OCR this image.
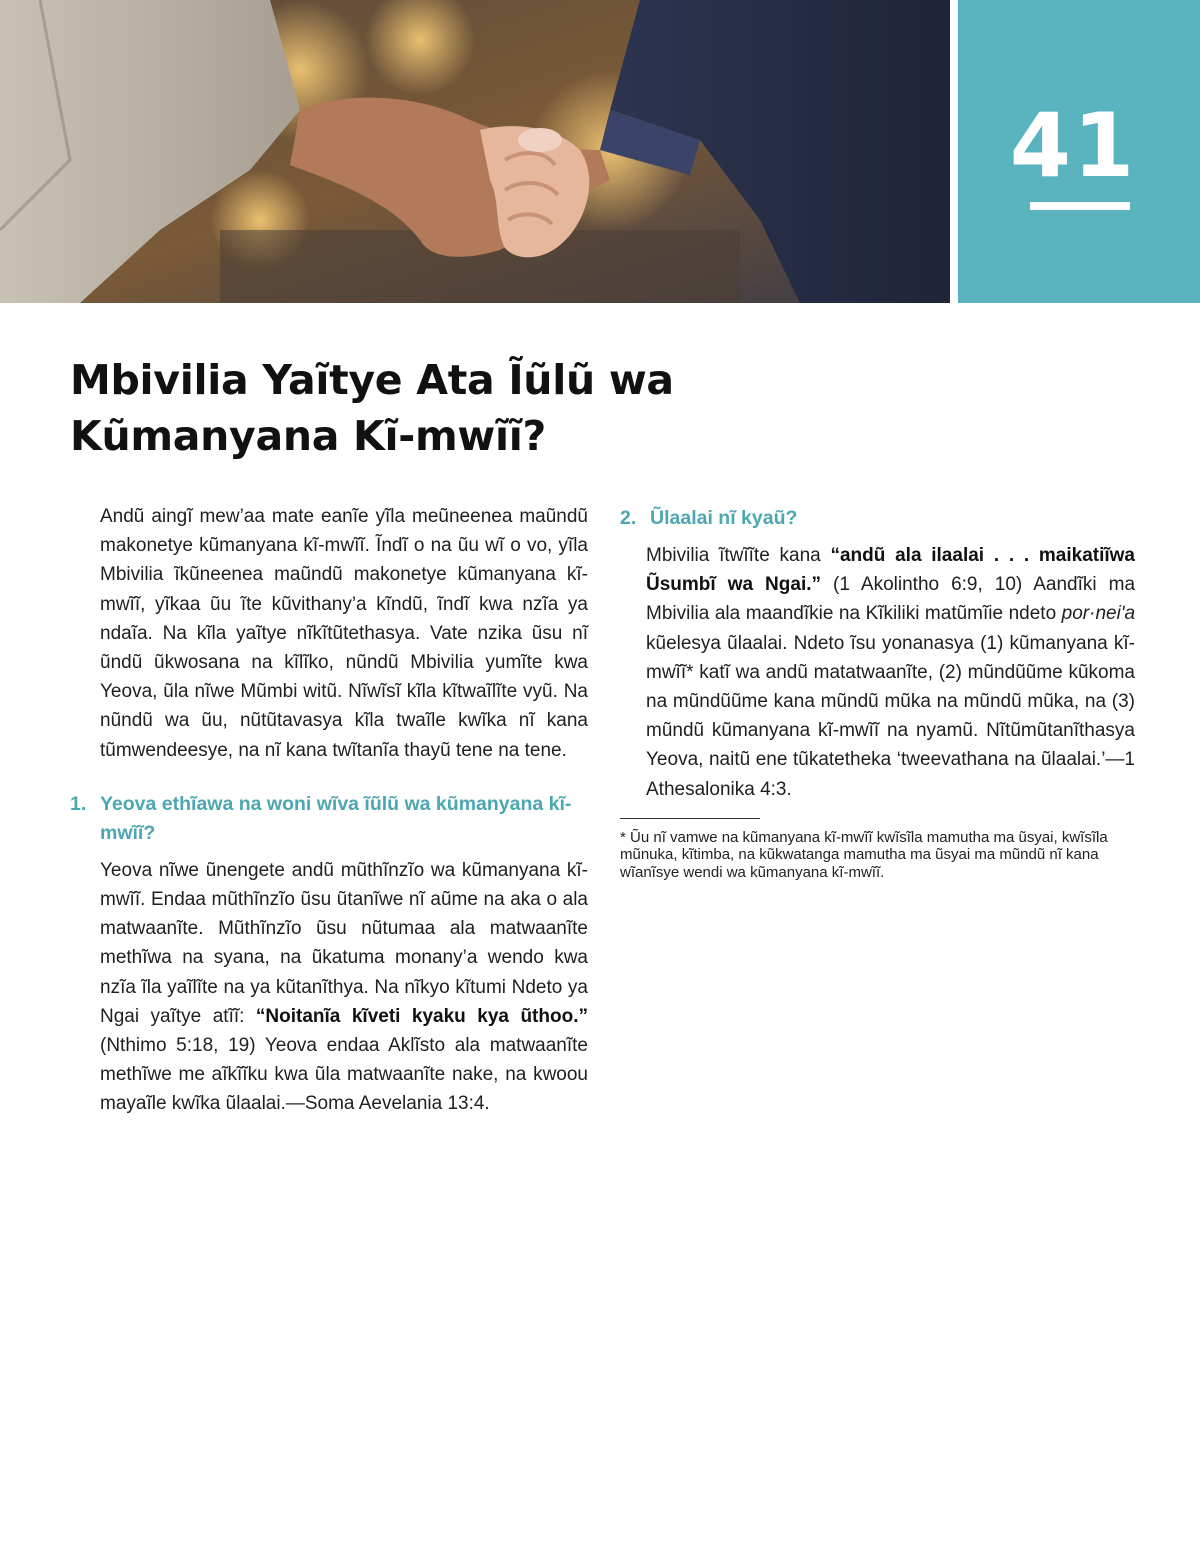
41
Mbivilia Yaĩtye Ata Ĩũlũ wa
Kũmanyana Kĩ-mwĩĩ?

Andũ aingĩ mew’aa mate eanĩe yĩla meũneenea maũndũ makonetye kũmanyana kĩ-mwĩĩ. Ĩndĩ o na ũu wĩ o vo, yĩla Mbivilia ĩkũneenea maũndũ makonetye kũmanyana kĩ-mwĩĩ, yĩkaa ũu ĩte kũvithany’a kĩndũ, ĩndĩ kwa nzĩa ya ndaĩa. Na kĩla yaĩtye nĩkĩtũtethasya. Vate nzika ũsu nĩ ũndũ ũkwosana na kĩlĩko, nũndũ Mbivilia yumĩte kwa Yeova, ũla nĩwe Mũmbi witũ. Nĩwĩsĩ kĩla kĩtwaĩlĩte vyũ. Na nũndũ wa ũu, nũtũtavasya kĩla twaĩle kwĩka nĩ kana tũmwendeesye, na nĩ kana twĩtanĩa thayũ tene na tene.

1. Yeova ethĩawa na woni wĩva ĩũlũ wa kũmanyana kĩ-mwĩĩ?

Yeova nĩwe ũnengete andũ mũthĩnzĩo wa kũmanyana kĩ-mwĩĩ. Endaa mũthĩnzĩo ũsu ũtanĩwe nĩ aũme na aka o ala matwaanĩte. Mũthĩnzĩo ũsu nũtumaa ala matwaanĩte methĩwa na syana, na ũkatuma monany’a wendo kwa nzĩa ĩla yaĩlĩte na ya kũtanĩthya. Na nĩkyo kĩtumi Ndeto ya Ngai yaĩtye atĩĩ: “Noitanĩa kĩveti kyaku kya ũthoo.” (Nthimo 5:18, 19) Yeova endaa Aklĩsto ala matwaanĩte methĩwe me aĩkĩĩku kwa ũla matwaanĩte nake, na kwoou mayaĩle kwĩka ũlaalai.—Soma Aevelania 13:4.

2. Ũlaalai nĩ kyaũ?

Mbivilia ĩtwĩĩte kana “andũ ala ilaalai . . . maikatiĩwa Ũsumbĩ wa Ngai.” (1 Akolintho 6:9, 10) Aandĩki ma Mbivilia ala maandĩkie na Kĩkiliki matũmĩie ndeto por·neiʹa kũelesya ũlaalai. Ndeto ĩsu yonanasya (1) kũmanyana kĩ-mwĩĩ* katĩ wa andũ matatwaanĩte, (2) mũndũũme kũkoma na mũndũũme kana mũndũ mũka na mũndũ mũka, na (3) mũndũ kũmanyana kĩ-mwĩĩ na nyamũ. Nĩtũmũtanĩthasya Yeova, naitũ ene tũkatetheka ‘tweevathana na ũlaalai.’—1 Athesalonika 4:3.

* Ũu nĩ vamwe na kũmanyana kĩ-mwĩĩ kwĩsĩla mamutha ma ũsyai, kwĩsĩla mũnuka, kĩtimba, na kũkwatanga mamutha ma ũsyai ma mũndũ nĩ kana wĩanĩsye wendi wa kũmanyana kĩ-mwĩĩ.
